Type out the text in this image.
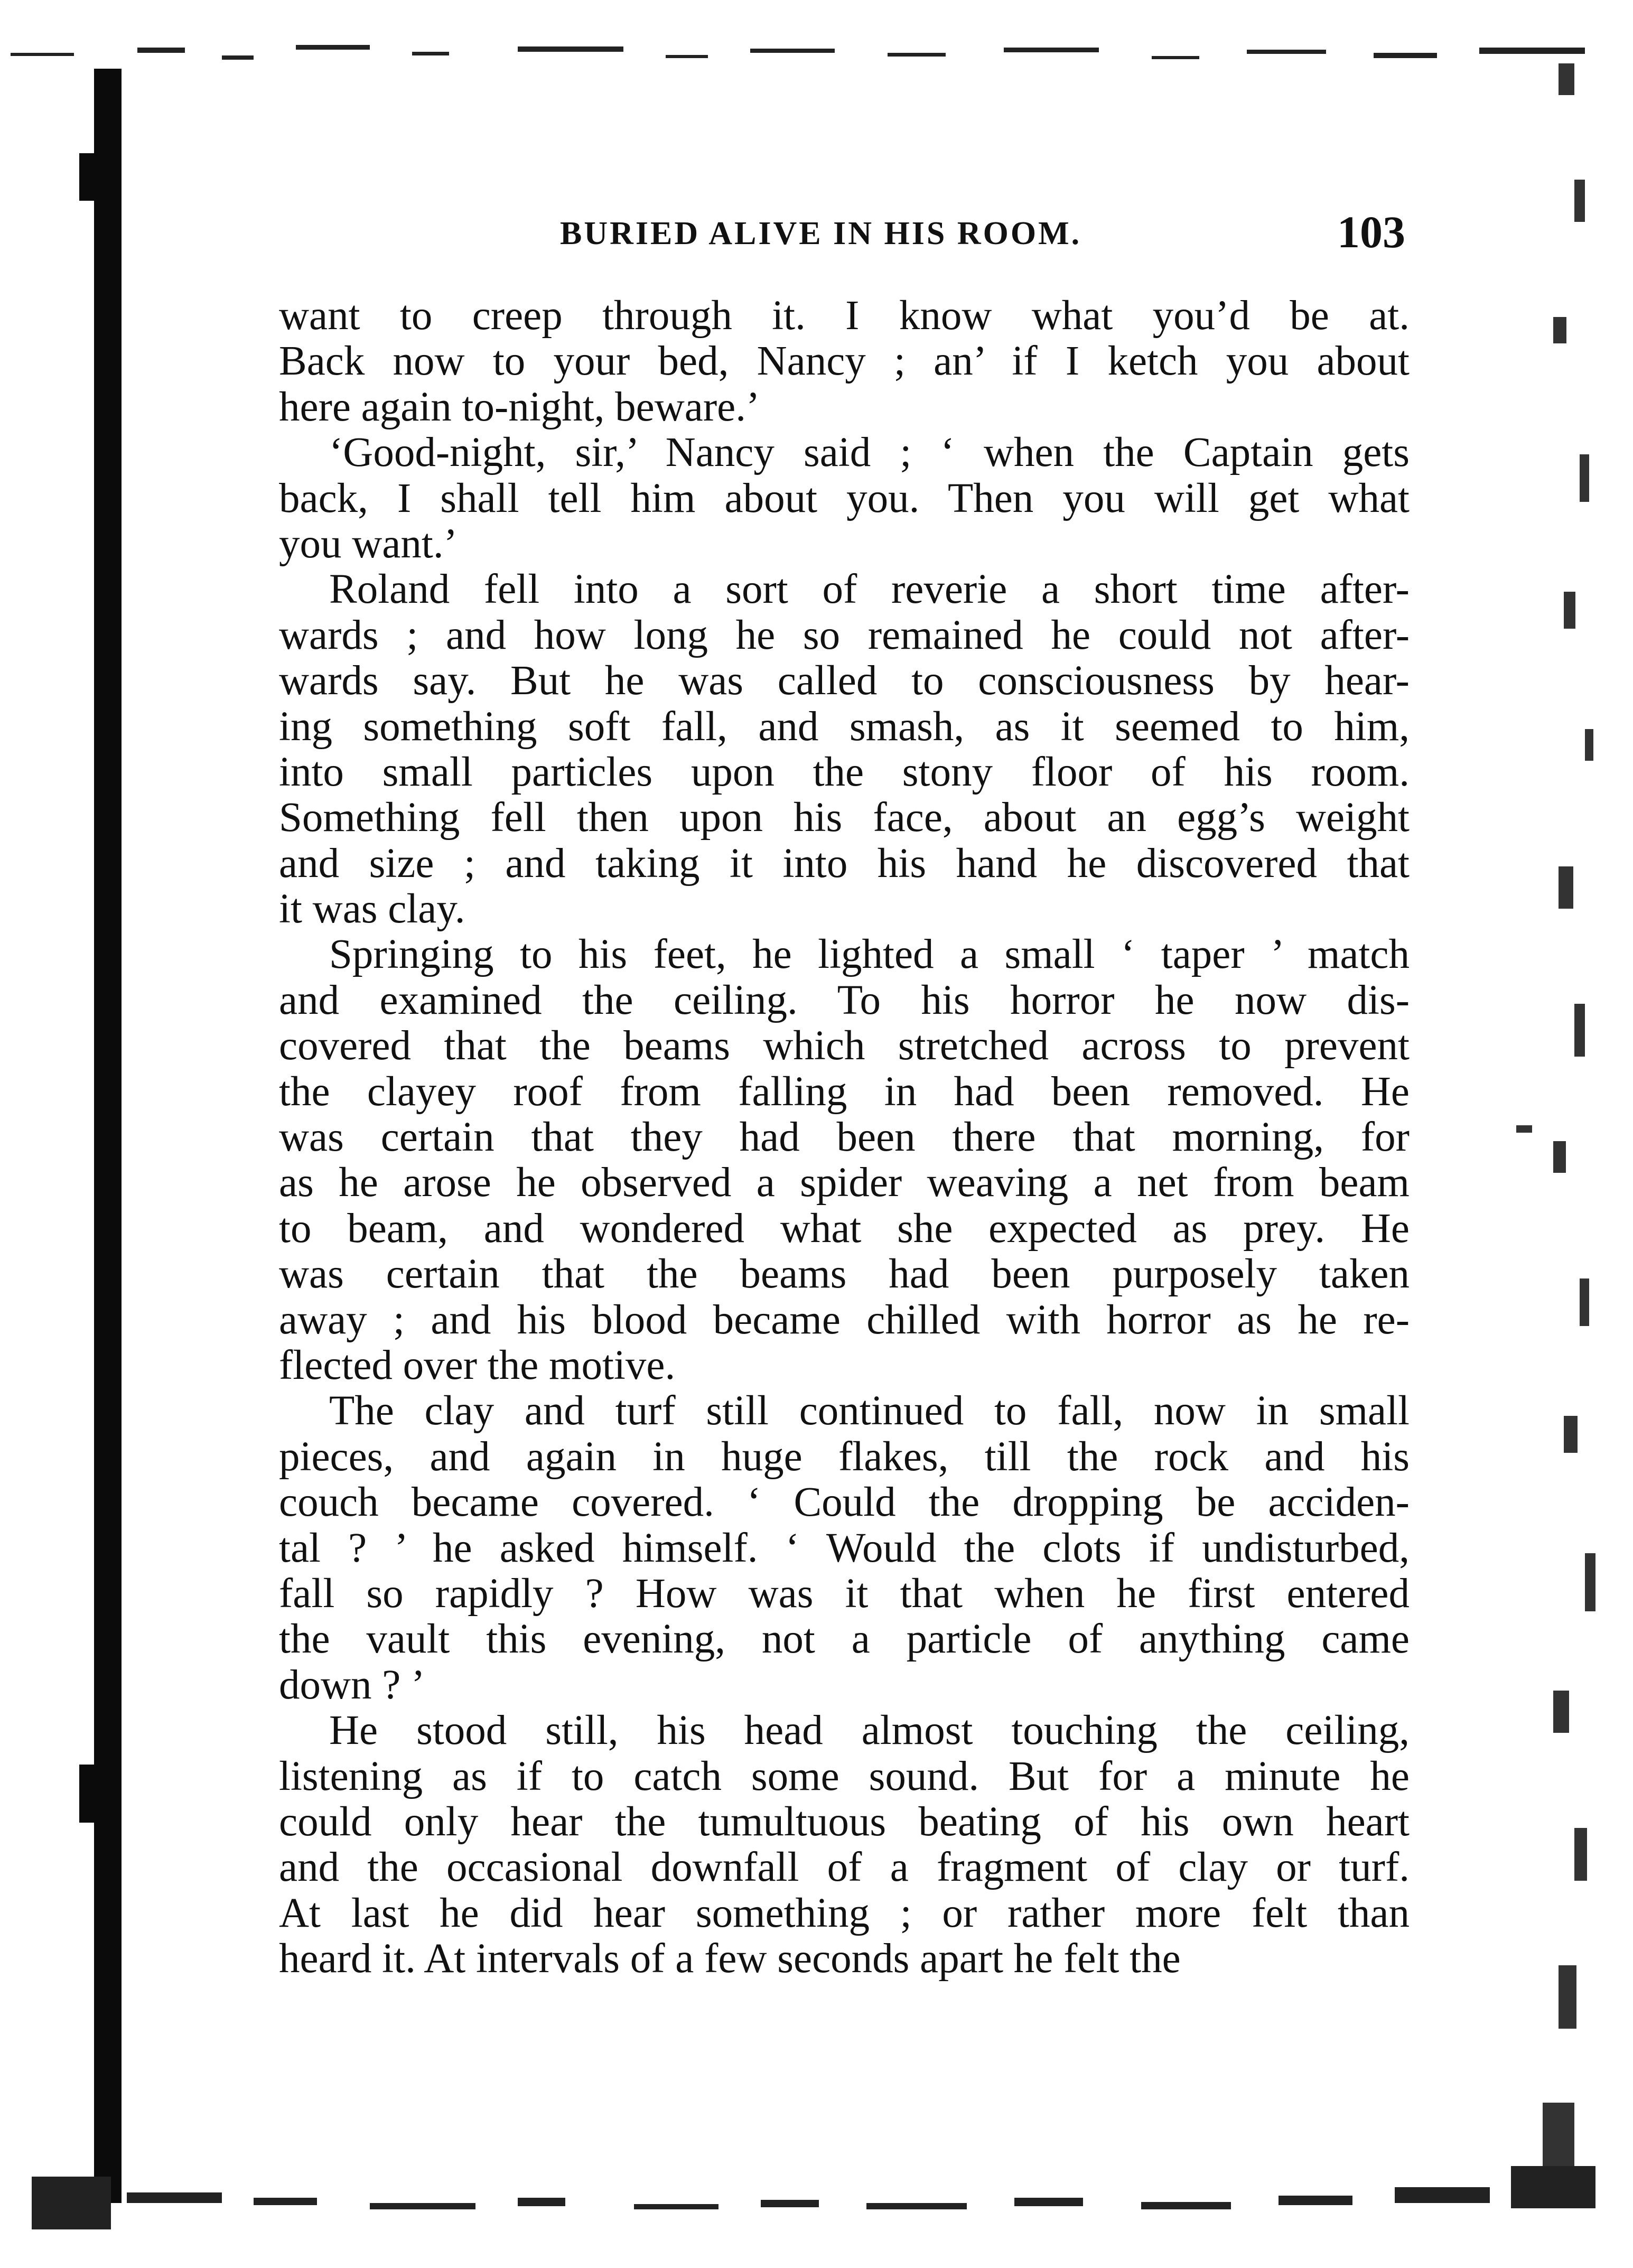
BURIED ALIVE IN HIS ROOM.	103
want to creep through it. I know what you’d be at.
Back now to your bed, Nancy ; an’ if I ketch you about
here again to-night, beware.’
‘Good-night, sir,’ Nancy said ; ‘ when the Captain gets
back, I shall tell him about you. Then you will get what
you want.’
Roland fell into a sort of reverie a short time after-
wards ; and how long he so remained he could not after-
wards say. But he was called to consciousness by hear-
ing something soft fall, and smash, as it seemed to him,
into small particles upon the stony floor of his room.
Something fell then upon his face, about an egg’s weight
and size ; and taking it into his hand he discovered that
it was clay.
Springing to his feet, he lighted a small ‘ taper ’ match
and examined the ceiling. To his horror he now dis-
covered that the beams which stretched across to prevent
the clayey roof from falling in had been removed. He
was certain that they had been there that morning, for
as he arose he observed a spider weaving a net from beam
to beam, and wondered what she expected as prey. He
was certain that the beams had been purposely taken
away ; and his blood became chilled with horror as he re-
flected over the motive.
The clay and turf still continued to fall, now in small
pieces, and again in huge flakes, till the rock and his
couch became covered. ‘ Could the dropping be acciden-
tal ? ’ he asked himself. ‘ Would the clots if undisturbed,
fall so rapidly ? How was it that when he first entered
the vault this evening, not a particle of anything came
down ? ’
He stood still, his head almost touching the ceiling,
listening as if to catch some sound. But for a minute he
could only hear the tumultuous beating of his own heart
and the occasional downfall of a fragment of clay or turf.
At last he did hear something ; or rather more felt than
heard it. At intervals of a few seconds apart he felt the
